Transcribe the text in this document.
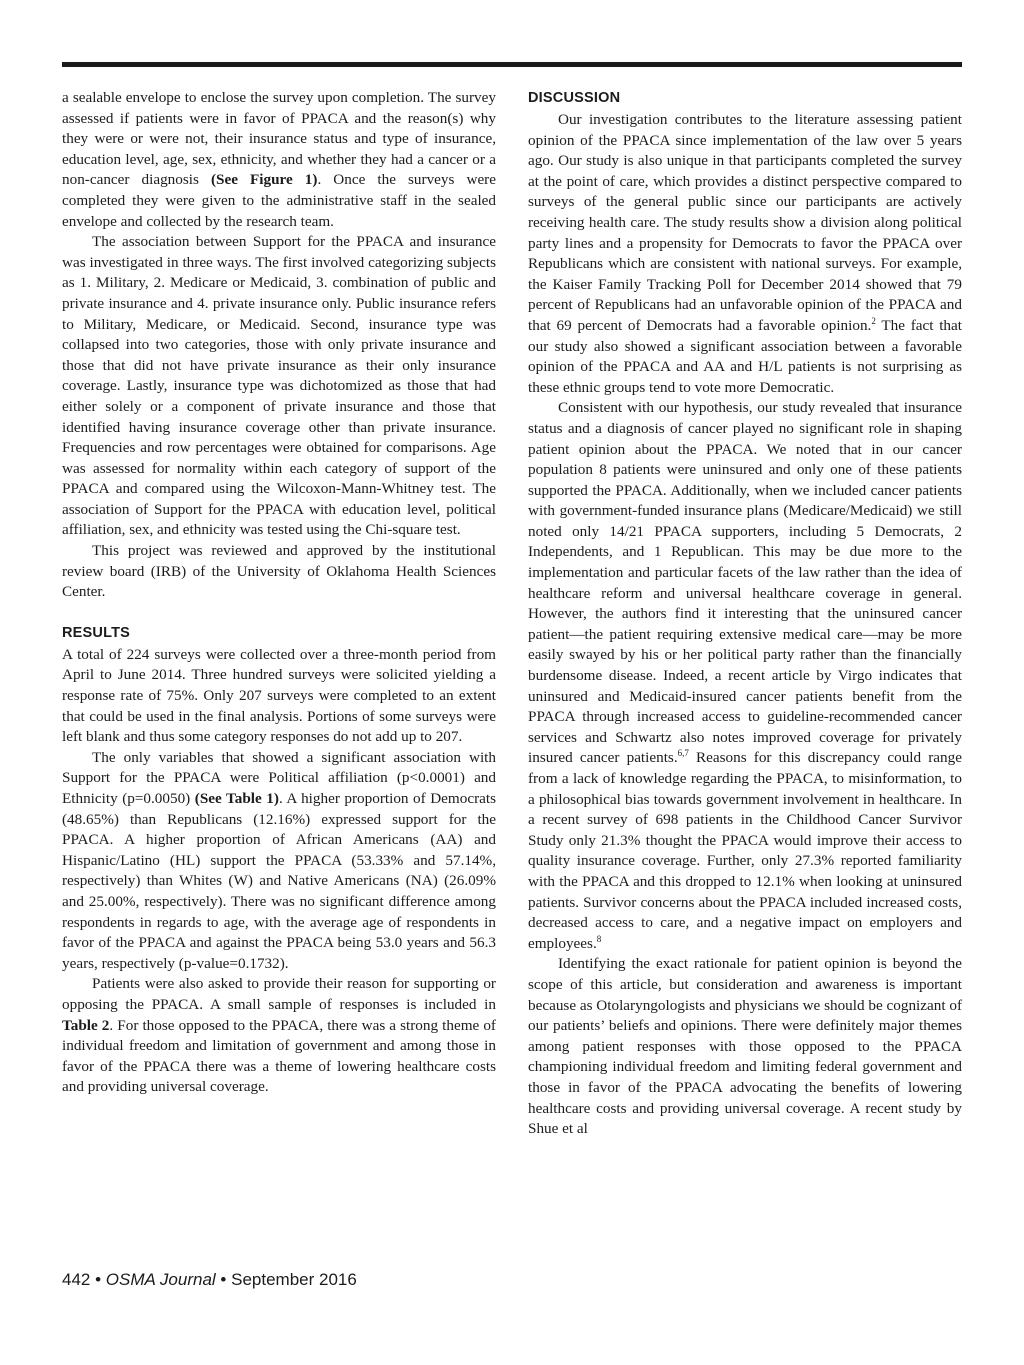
a sealable envelope to enclose the survey upon completion. The survey assessed if patients were in favor of PPACA and the reason(s) why they were or were not, their insurance status and type of insurance, education level, age, sex, ethnicity, and whether they had a cancer or a non-cancer diagnosis (See Figure 1). Once the surveys were completed they were given to the administrative staff in the sealed envelope and collected by the research team.

The association between Support for the PPACA and insurance was investigated in three ways. The first involved categorizing subjects as 1. Military, 2. Medicare or Medicaid, 3. combination of public and private insurance and 4. private insurance only. Public insurance refers to Military, Medicare, or Medicaid. Second, insurance type was collapsed into two categories, those with only private insurance and those that did not have private insurance as their only insurance coverage. Lastly, insurance type was dichotomized as those that had either solely or a component of private insurance and those that identified having insurance coverage other than private insurance. Frequencies and row percentages were obtained for comparisons. Age was assessed for normality within each category of support of the PPACA and compared using the Wilcoxon-Mann-Whitney test. The association of Support for the PPACA with education level, political affiliation, sex, and ethnicity was tested using the Chi-square test.

This project was reviewed and approved by the institutional review board (IRB) of the University of Oklahoma Health Sciences Center.

RESULTS

A total of 224 surveys were collected over a three-month period from April to June 2014. Three hundred surveys were solicited yielding a response rate of 75%. Only 207 surveys were completed to an extent that could be used in the final analysis. Portions of some surveys were left blank and thus some category responses do not add up to 207.

The only variables that showed a significant association with Support for the PPACA were Political affiliation (p<0.0001) and Ethnicity (p=0.0050) (See Table 1). A higher proportion of Democrats (48.65%) than Republicans (12.16%) expressed support for the PPACA. A higher proportion of African Americans (AA) and Hispanic/Latino (HL) support the PPACA (53.33% and 57.14%, respectively) than Whites (W) and Native Americans (NA) (26.09% and 25.00%, respectively). There was no significant difference among respondents in regards to age, with the average age of respondents in favor of the PPACA and against the PPACA being 53.0 years and 56.3 years, respectively (p-value=0.1732).

Patients were also asked to provide their reason for supporting or opposing the PPACA. A small sample of responses is included in Table 2. For those opposed to the PPACA, there was a strong theme of individual freedom and limitation of government and among those in favor of the PPACA there was a theme of lowering healthcare costs and providing universal coverage.

DISCUSSION

Our investigation contributes to the literature assessing patient opinion of the PPACA since implementation of the law over 5 years ago. Our study is also unique in that participants completed the survey at the point of care, which provides a distinct perspective compared to surveys of the general public since our participants are actively receiving health care. The study results show a division along political party lines and a propensity for Democrats to favor the PPACA over Republicans which are consistent with national surveys. For example, the Kaiser Family Tracking Poll for December 2014 showed that 79 percent of Republicans had an unfavorable opinion of the PPACA and that 69 percent of Democrats had a favorable opinion.$^2$ The fact that our study also showed a significant association between a favorable opinion of the PPACA and AA and H/L patients is not surprising as these ethnic groups tend to vote more Democratic.

Consistent with our hypothesis, our study revealed that insurance status and a diagnosis of cancer played no significant role in shaping patient opinion about the PPACA. We noted that in our cancer population 8 patients were uninsured and only one of these patients supported the PPACA. Additionally, when we included cancer patients with government-funded insurance plans (Medicare/Medicaid) we still noted only 14/21 PPACA supporters, including 5 Democrats, 2 Independents, and 1 Republican. This may be due more to the implementation and particular facets of the law rather than the idea of healthcare reform and universal healthcare coverage in general. However, the authors find it interesting that the uninsured cancer patient—the patient requiring extensive medical care—may be more easily swayed by his or her political party rather than the financially burdensome disease. Indeed, a recent article by Virgo indicates that uninsured and Medicaid-insured cancer patients benefit from the PPACA through increased access to guideline-recommended cancer services and Schwartz also notes improved coverage for privately insured cancer patients.$^{6,7}$ Reasons for this discrepancy could range from a lack of knowledge regarding the PPACA, to misinformation, to a philosophical bias towards government involvement in healthcare. In a recent survey of 698 patients in the Childhood Cancer Survivor Study only 21.3% thought the PPACA would improve their access to quality insurance coverage. Further, only 27.3% reported familiarity with the PPACA and this dropped to 12.1% when looking at uninsured patients. Survivor concerns about the PPACA included increased costs, decreased access to care, and a negative impact on employers and employees.$^8$

Identifying the exact rationale for patient opinion is beyond the scope of this article, but consideration and awareness is important because as Otolaryngologists and physicians we should be cognizant of our patients’ beliefs and opinions. There were definitely major themes among patient responses with those opposed to the PPACA championing individual freedom and limiting federal government and those in favor of the PPACA advocating the benefits of lowering healthcare costs and providing universal coverage. A recent study by Shue et al

442 • OSMA Journal • September 2016
